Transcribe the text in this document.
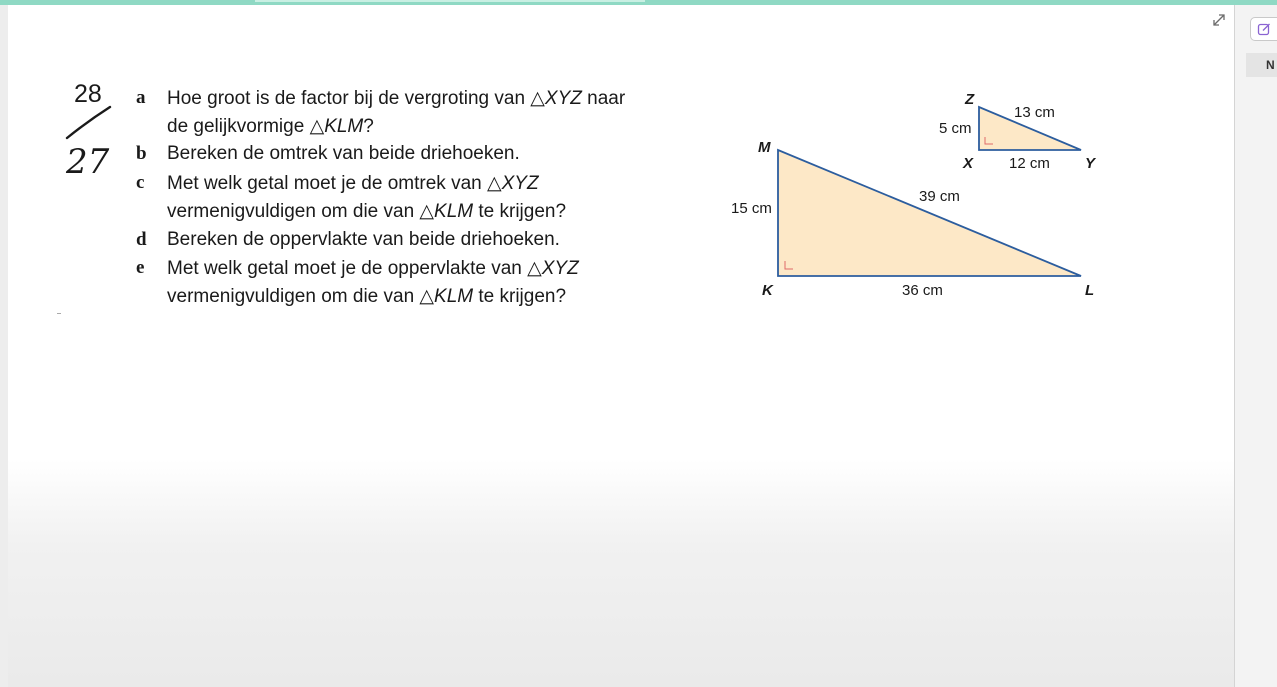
N
28
27
a Hoe groot is de factor bij de vergroting van △XYZ naar
de gelijkvormige △KLM?
b Bereken de omtrek van beide driehoeken.
c Met welk getal moet je de omtrek van △XYZ
vermenigvuldigen om die van △KLM te krijgen?
d Bereken de oppervlakte van beide driehoeken.
e Met welk getal moet je de oppervlakte van △XYZ
vermenigvuldigen om die van △KLM te krijgen?
M
K	L
Z
X	Y
15 cm
36 cm
39 cm
5 cm
12 cm
13 cm
